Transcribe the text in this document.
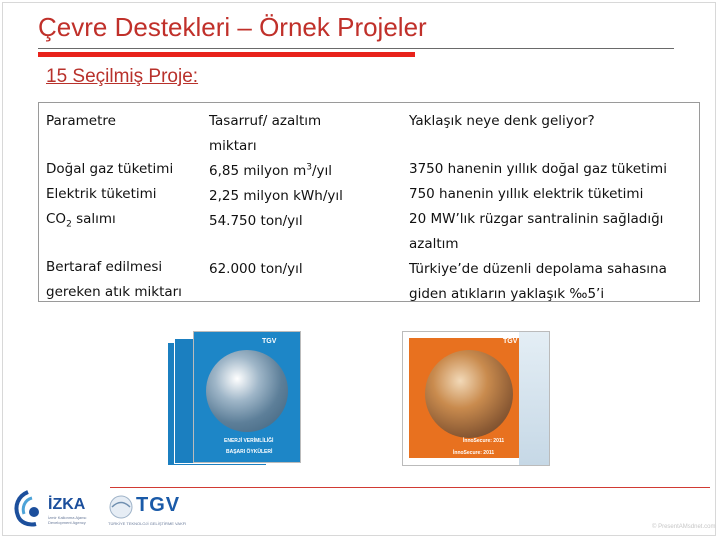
Çevre Destekleri – Örnek Projeler
15 Seçilmiş Proje:
Parametre
Doğal gaz tüketimi
Elektrik tüketimi
$CO_2$ salımı
Bertaraf edilmesi
gereken atık miktarı
Tasarruf/ azaltım
miktarı
6,85 milyon $m^3$/yıl
2,25 milyon kWh/yıl
54.750 ton/yıl
62.000 ton/yıl
Yaklaşık neye denk geliyor?
3750 hanenin yıllık doğal gaz tüketimi
750 hanenin yıllık elektrik tüketimi
20 MW’lık rüzgar santralinin sağladığı
azaltım
Türkiye’de düzenli depolama sahasına
giden atıkların yaklaşık ‰5’i
TGV
ENERJİ VERİMLİLİĞİ
BAŞARI ÖYKÜLERİ
TGV
İnnoSecure: 2011
İnnoSecure: 2011
İZKA
İzmir Kalkınma Ajansı
Development Agency
TGV
TÜRKİYE TEKNOLOJİ GELİŞTİRME VAKFI
© PresentAMsdnet.com
